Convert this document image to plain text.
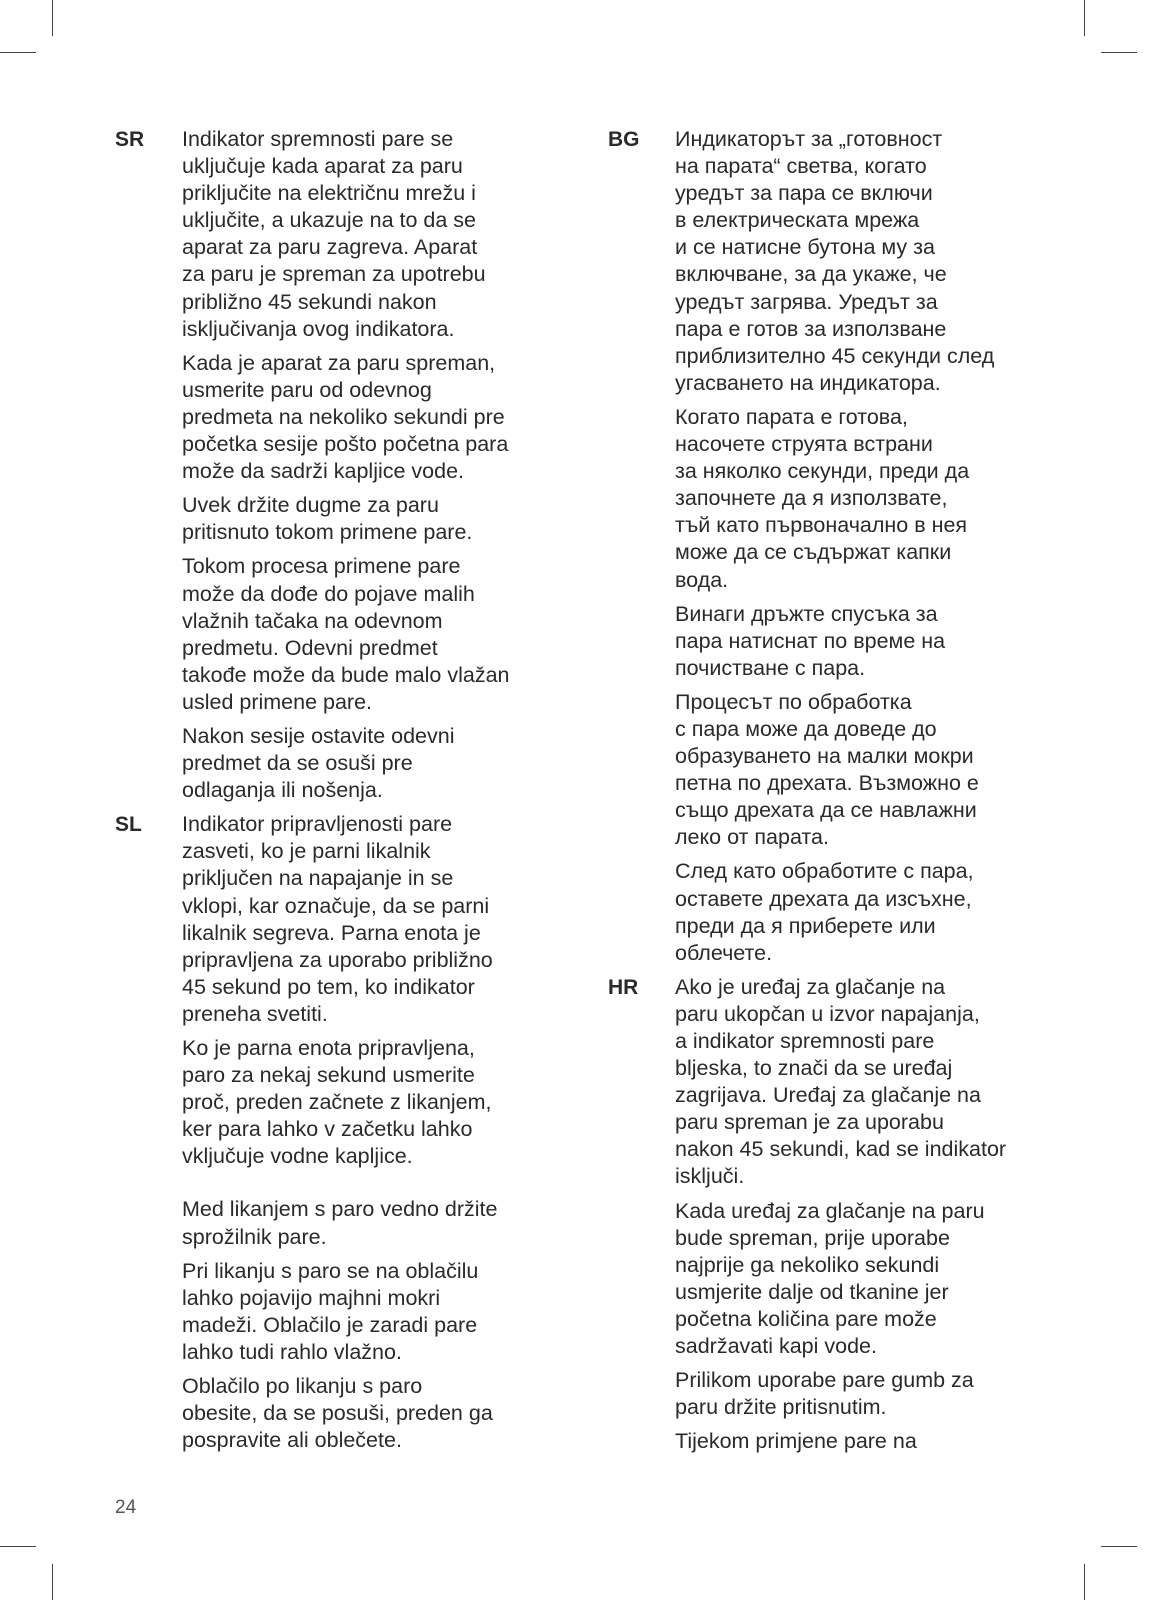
SR Indikator spremnosti pare se
uključuje kada aparat za paru
priključite na električnu mrežu i
uključite, a ukazuje na to da se
aparat za paru zagreva. Aparat
za paru je spreman za upotrebu
približno 45 sekundi nakon
isključivanja ovog indikatora.

Kada je aparat za paru spreman,
usmerite paru od odevnog
predmeta na nekoliko sekundi pre
početka sesije pošto početna para
može da sadrži kapljice vode.

Uvek držite dugme za paru
pritisnuto tokom primene pare.

Tokom procesa primene pare
može da dođe do pojave malih
vlažnih tačaka na odevnom
predmetu. Odevni predmet
takođe može da bude malo vlažan
usled primene pare.

Nakon sesije ostavite odevni
predmet da se osuši pre
odlaganja ili nošenja.

SL Indikator pripravljenosti pare
zasveti, ko je parni likalnik
priključen na napajanje in se
vklopi, kar označuje, da se parni
likalnik segreva. Parna enota je
pripravljena za uporabo približno
45 sekund po tem, ko indikator
preneha svetiti.

Ko je parna enota pripravljena,
paro za nekaj sekund usmerite
proč, preden začnete z likanjem,
ker para lahko v začetku lahko
vključuje vodne kapljice.

Med likanjem s paro vedno držite
sprožilnik pare.

Pri likanju s paro se na oblačilu
lahko pojavijo majhni mokri
madeži. Oblačilo je zaradi pare
lahko tudi rahlo vlažno.

Oblačilo po likanju s paro
obesite, da se posuši, preden ga
pospravite ali oblečete.

BG Индикаторът за „готовност
на парата“ светва, когато
уредът за пара се включи
в електрическата мрежа
и се натисне бутона му за
включване, за да укаже, че
уредът загрява. Уредът за
пара е готов за използване
приблизително 45 секунди след
угасването на индикатора.

Когато парата е готова,
насочете струята встрани
за няколко секунди, преди да
започнете да я използвате,
тъй като първоначално в нея
може да се съдържат капки
вода.

Винаги дръжте спусъка за
пара натиснат по време на
почистване с пара.

Процесът по обработка
с пара може да доведе до
образуването на малки мокри
петна по дрехата. Възможно е
също дрехата да се навлажни
леко от парата.

След като обработите с пара,
оставете дрехата да изсъхне,
преди да я приберете или
облечете.

HR Ako je uređaj za glačanje na
paru ukopčan u izvor napajanja,
a indikator spremnosti pare
bljeska, to znači da se uređaj
zagrijava. Uređaj za glačanje na
paru spreman je za uporabu
nakon 45 sekundi, kad se indikator
isključi.

Kada uređaj za glačanje na paru
bude spreman, prije uporabe
najprije ga nekoliko sekundi
usmjerite dalje od tkanine jer
početna količina pare može
sadržavati kapi vode.

Prilikom uporabe pare gumb za
paru držite pritisnutim.

Tijekom primjene pare na

24
